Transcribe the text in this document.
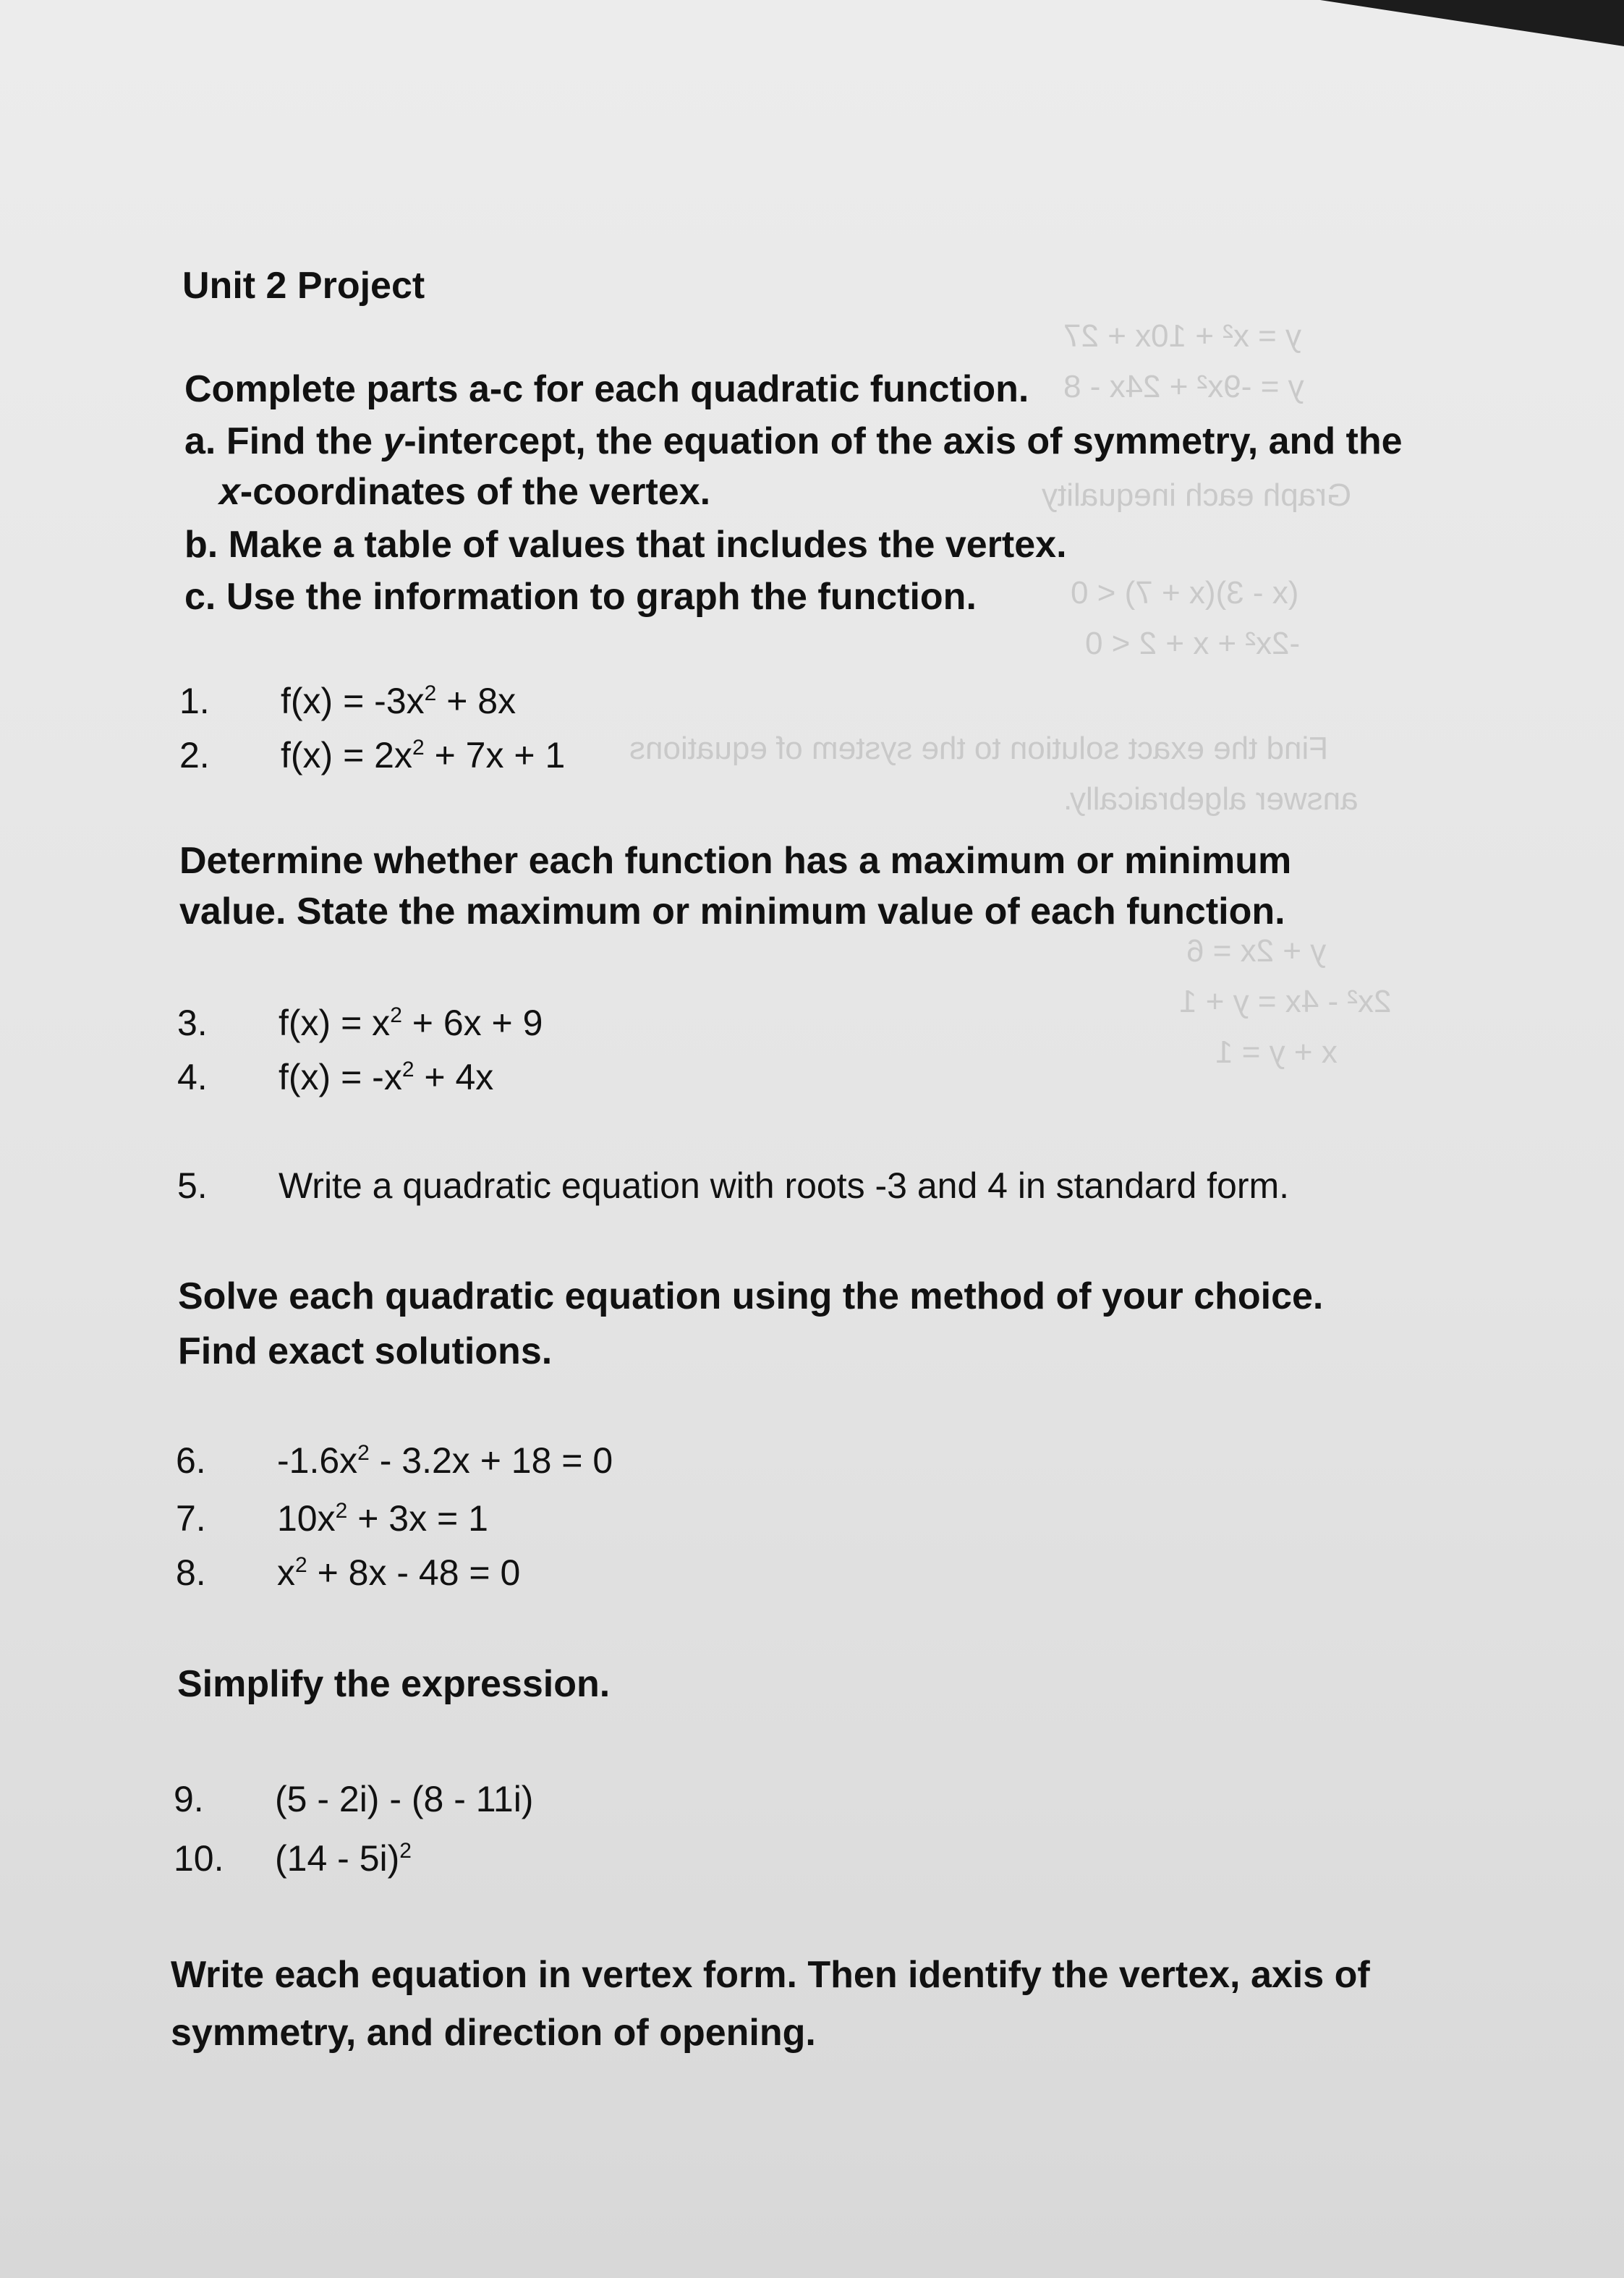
y = x² + 10x + 27
y = -9x² + 24x - 8
Graph each inequality
(x - 3)(x + 7) < 0
-2x² + x + 2 < 0
Find the exact solution to the system of equations
answer algebraically.
y + 2x = 6
2x² - 4x = y + 1
x + y = 1
Unit 2 Project
Complete parts a-c for each quadratic function.
a. Find the y-intercept, the equation of the axis of symmetry, and the
x-coordinates of the vertex.
b. Make a table of values that includes the vertex.
c. Use the information to graph the function.
1. $f(x) = -3x^2 + 8x$
2. $f(x) = 2x^2 + 7x + 1$
Determine whether each function has a maximum or minimum
value. State the maximum or minimum value of each function.
3. $f(x) = x^2 + 6x + 9$
4. $f(x) = -x^2 + 4x$
5. Write a quadratic equation with roots -3 and 4 in standard form.
Solve each quadratic equation using the method of your choice.
Find exact solutions.
6. $-1.6x^2 - 3.2x + 18 = 0$
7. $10x^2 + 3x = 1$
8. $x^2 + 8x - 48 = 0$
Simplify the expression.
9. (5 - 2i) - (8 - 11i)
10. (14 - 5i)$^2$
Write each equation in vertex form. Then identify the vertex, axis of
symmetry, and direction of opening.
